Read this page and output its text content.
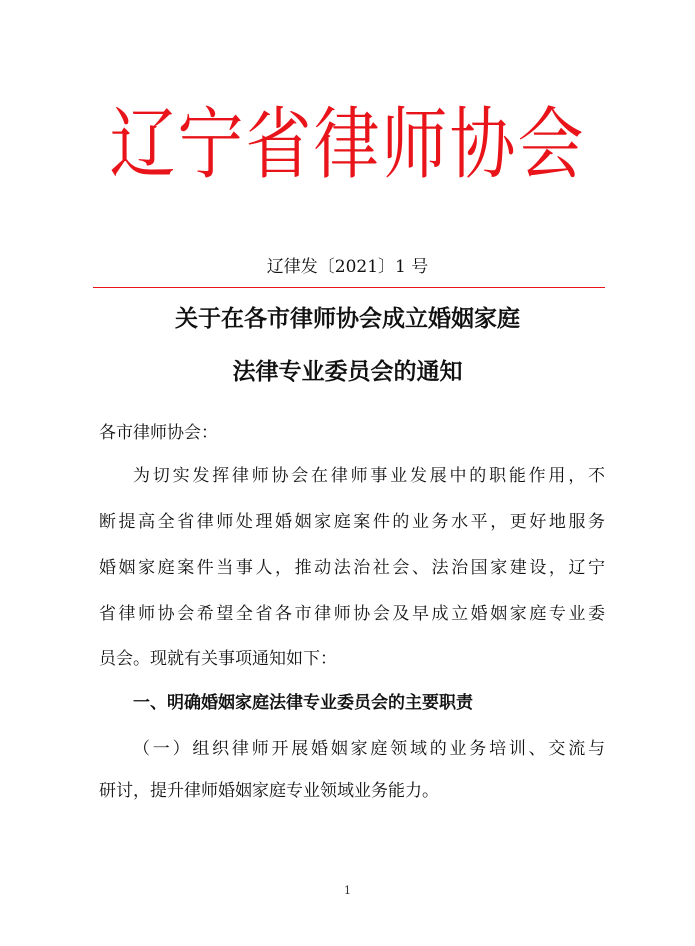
辽宁省律师协会
辽律发〔2021〕1 号
关于在各市律师协会成立婚姻家庭
法律专业委员会的通知
各市律师协会：
为切实发挥律师协会在律师事业发展中的职能作用，不
断提高全省律师处理婚姻家庭案件的业务水平，更好地服务
婚姻家庭案件当事人，推动法治社会、法治国家建设，辽宁
省律师协会希望全省各市律师协会及早成立婚姻家庭专业委
员会。现就有关事项通知如下：
一、明确婚姻家庭法律专业委员会的主要职责
（一）组织律师开展婚姻家庭领域的业务培训、交流与
研讨，提升律师婚姻家庭专业领域业务能力。
1
